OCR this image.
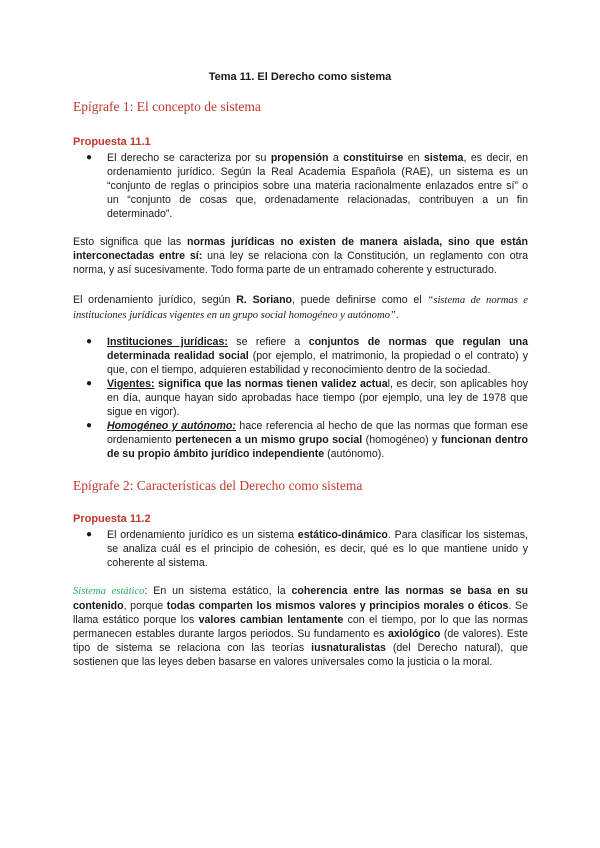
Tema 11. El Derecho como sistema
Epígrafe 1: El concepto de sistema
Propuesta 11.1
● El derecho se caracteriza por su propensión a constituirse en sistema, es decir, en ordenamiento jurídico. Según la Real Academia Española (RAE), un sistema es un “conjunto de reglas o principios sobre una materia racionalmente enlazados entre sí” o un “conjunto de cosas que, ordenadamente relacionadas, contribuyen a un fin determinado”.

Esto significa que las normas jurídicas no existen de manera aislada, sino que están interconectadas entre sí: una ley se relaciona con la Constitución, un reglamento con otra norma, y así sucesivamente. Todo forma parte de un entramado coherente y estructurado.

El ordenamiento jurídico, según R. Soriano, puede definirse como el “sistema de normas e instituciones jurídicas vigentes en un grupo social homogéneo y autónomo”.

● Instituciones jurídicas: se refiere a conjuntos de normas que regulan una determinada realidad social (por ejemplo, el matrimonio, la propiedad o el contrato) y que, con el tiempo, adquieren estabilidad y reconocimiento dentro de la sociedad.
● Vigentes: significa que las normas tienen validez actual, es decir, son aplicables hoy en día, aunque hayan sido aprobadas hace tiempo (por ejemplo, una ley de 1978 que sigue en vigor).
● Homogéneo y autónomo: hace referencia al hecho de que las normas que forman ese ordenamiento pertenecen a un mismo grupo social (homogéneo) y funcionan dentro de su propio ámbito jurídico independiente (autónomo).
Epígrafe 2: Características del Derecho como sistema
Propuesta 11.2
● El ordenamiento jurídico es un sistema estático-dinámico. Para clasificar los sistemas, se analiza cuál es el principio de cohesión, es decir, qué es lo que mantiene unido y coherente al sistema.

Sistema estático: En un sistema estático, la coherencia entre las normas se basa en su contenido, porque todas comparten los mismos valores y principios morales o éticos. Se llama estático porque los valores cambian lentamente con el tiempo, por lo que las normas permanecen estables durante largos periodos. Su fundamento es axiológico (de valores). Este tipo de sistema se relaciona con las teorías iusnaturalistas (del Derecho natural), que sostienen que las leyes deben basarse en valores universales como la justicia o la moral.
